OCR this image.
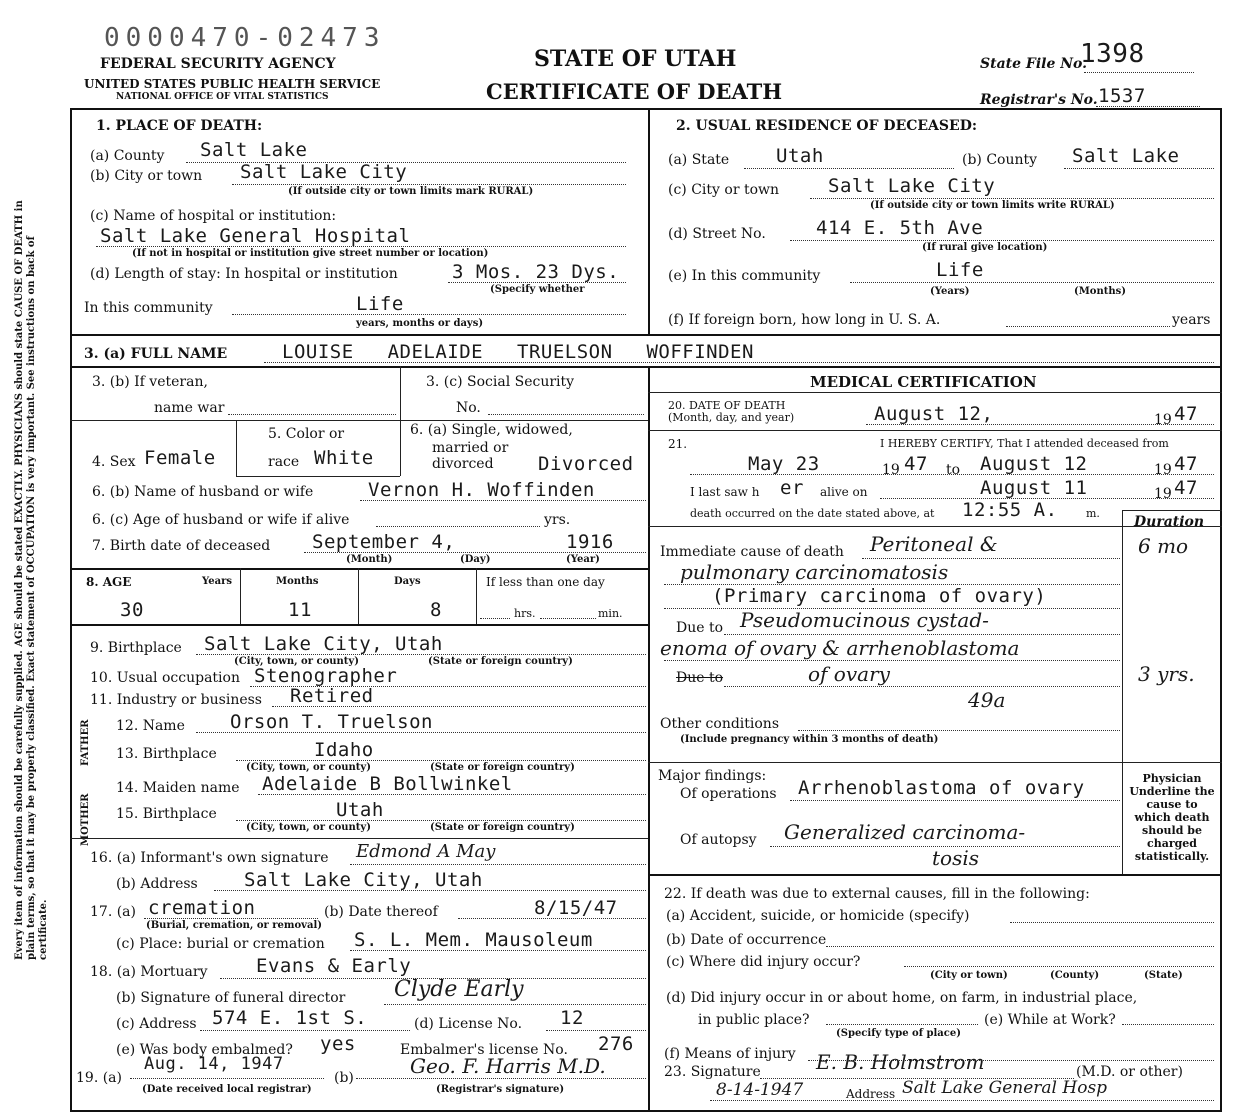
0000470-02473
FEDERAL SECURITY AGENCY
UNITED STATES PUBLIC HEALTH SERVICE
NATIONAL OFFICE OF VITAL STATISTICS
STATE OF UTAH
CERTIFICATE OF DEATH
State File No.
1398
Registrar's No. 1537
Every item of information should be carefully supplied. AGE should be stated EXACTLY. PHYSICIANS should state CAUSE OF DEATH in plain terms, so that it may be properly classified. Exact statement of OCCUPATION is very important. See instructions on back of certificate.
1. PLACE OF DEATH:
(a) County Salt Lake
(b) City or town Salt Lake City
(If outside city or town limits mark RURAL)
(c) Name of hospital or institution:
Salt Lake General Hospital
(If not in hospital or institution give street number or location)
(d) Length of stay: In hospital or institution	3 Mos. 23 Dys.
(Specify whether
In this community	Life
years, months or days)
2. USUAL RESIDENCE OF DECEASED:
(a) State Utah	(b) County Salt Lake
(c) City or town	Salt Lake City
(If outside city or town limits write RURAL)
(d) Street No.	414 E. 5th Ave
(If rural give location)
(e) In this community	Life
(Years)	(Months)
(f) If foreign born, how long in U. S. A.	years
3. (a) FULL NAME	LOUISE ADELAIDE TRUELSON WOFFINDEN
3. (b) If veteran,
name war
3. (c) Social Security
No.
4. Sex Female
5. Color or
race White
6. (a) Single, widowed,
married or
divorced Divorced
6. (b) Name of husband or wife	Vernon H. Woffinden
6. (c) Age of husband or wife if alive	yrs.
7. Birth date of deceased September 4,	1916
(Month)	(Day)	(Year)
8. AGE	Years	Months	Days	If less than one day
30	11	8	hrs.	min.
9. Birthplace Salt Lake City, Utah
(City, town, or county)	(State or foreign country)
10. Usual occupation Stenographer
11. Industry or business Retired
FATHER
MOTHER
12. Name Orson T. Truelson
13. Birthplace	Idaho
(City, town, or county)	(State or foreign country)
14. Maiden name Adelaide B Bollwinkel
15. Birthplace	Utah
(City, town, or county)	(State or foreign country)
16. (a) Informant's own signature Edmond A May
(b) Address Salt Lake City, Utah
17. (a) cremation	(b) Date thereof	8/15/47
(Burial, cremation, or removal)
(c) Place: burial or cremation S. L. Mem. Mausoleum
18. (a) Mortuary	Evans & Early
(b) Signature of funeral director Clyde Early
(c) Address 574 E. 1st S.	(d) License No. 12
(e) Was body embalmed? yes	Embalmer's license No. 276
19. (a)
Aug. 14, 1947
(Date received local registrar)
(b)	Geo. F. Harris M.D.
(Registrar's signature)
MEDICAL CERTIFICATION
20. DATE OF DEATH
(Month, day, and year)	August 12,	19 47
21.	I HEREBY CERTIFY, That I attended deceased from
May 23	19 47 to August 12	19 47
I last saw h er alive on	August 11	19 47
death occurred on the date stated above, at 12:55 A.	m.
Duration
Immediate cause of death Peritoneal &	6 mo
pulmonary carcinomatosis
(Primary carcinoma of ovary)
Due to Pseudomucinous cystad-
enoma of ovary & arrhenoblastoma
Due to	of ovary	3 yrs.
49a
Other conditions
(Include pregnancy within 3 months of death)
Major findings:
Of operations Arrhenoblastoma of ovary
Of autopsy Generalized carcinoma-
tosis
Physician Underline the cause to which death should be charged statistically.
22. If death was due to external causes, fill in the following:
(a) Accident, suicide, or homicide (specify)
(b) Date of occurrence
(c) Where did injury occur?
(City or town)	(County)	(State)
(d) Did injury occur in or about home, on farm, in industrial place,
in public place?	(e) While at Work?
(Specify type of place)
(f) Means of injury
23. Signature	E. B. Holmstrom	(M.D. or other)
8-14-1947	Address Salt Lake General Hosp
